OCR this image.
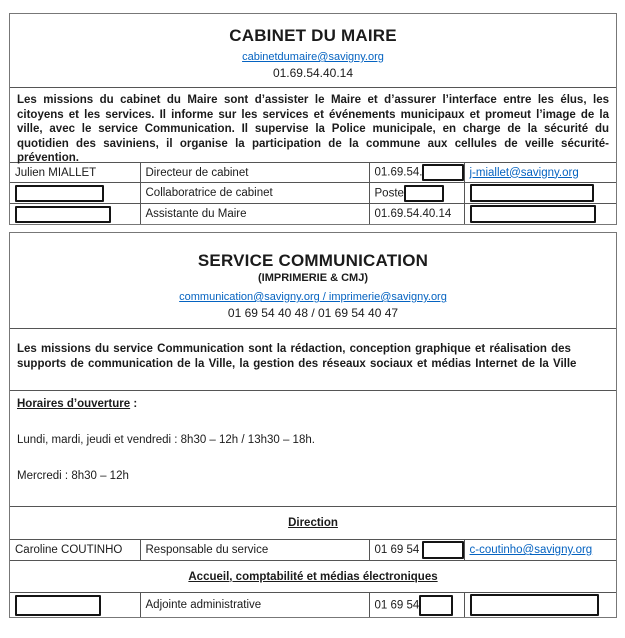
CABINET DU MAIRE
cabinetdumaire@savigny.org
01.69.54.40.14
Les missions du cabinet du Maire sont d’assister le Maire et d’assurer l’interface entre les élus, les citoyens et les services. Il informe sur les services et événements municipaux et promeut l’image de la ville, avec le service Communication. Il supervise la Police municipale, en charge de la sécurité du quotidien des saviniens, il organise la participation de la commune aux cellules de veille sécurité-prévention.
Julien MIALLET	Directeur de cabinet	01.69.54.	j-miallet@savigny.org
	Collaboratrice de cabinet	Poste	
	Assistante du Maire	01.69.54.40.14	
SERVICE COMMUNICATION
(IMPRIMERIE & CMJ)
communication@savigny.org / imprimerie@savigny.org
01 69 54 40 48 / 01 69 54 40 47
Les missions du service Communication sont la rédaction, conception graphique et réalisation des supports de communication de la Ville, la gestion des réseaux sociaux et médias Internet de la Ville
Horaires d’ouverture :
Lundi, mardi, jeudi et vendredi : 8h30 – 12h / 13h30 – 18h.
Mercredi : 8h30 – 12h
Direction
Caroline COUTINHO	Responsable du service	01 69 54	c-coutinho@savigny.org
Accueil, comptabilité et médias électroniques
	Adjointe administrative	01 69 54	
